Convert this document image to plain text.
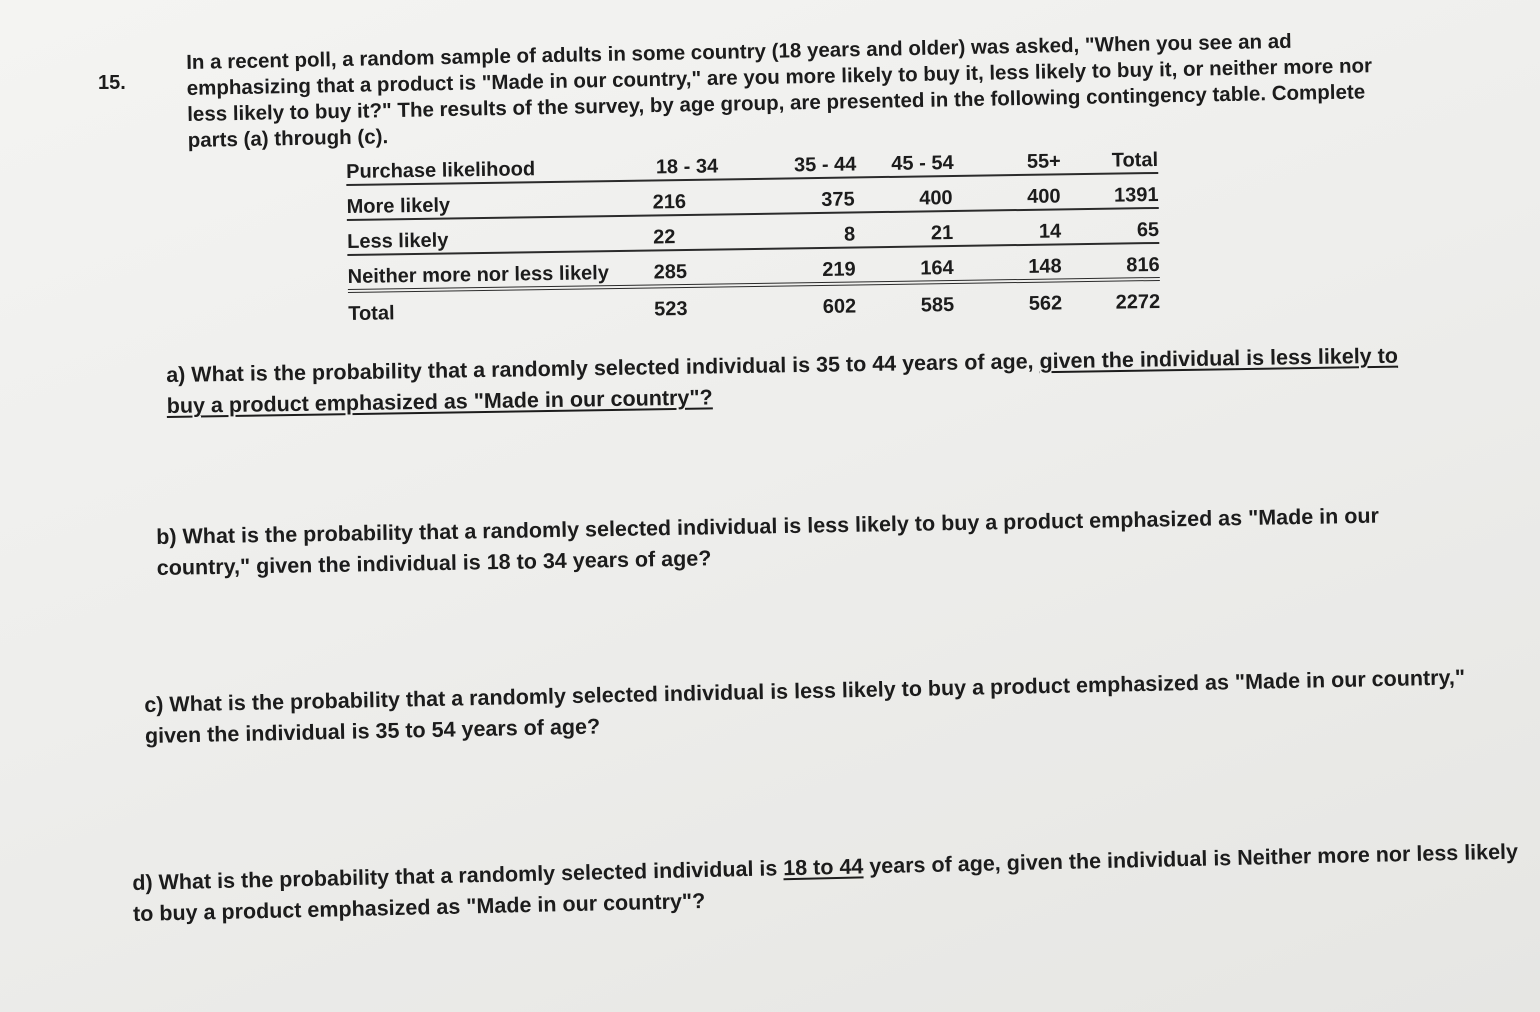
15.
In a recent poll, a random sample of adults in some country (18 years and older) was asked, "When you see an ad emphasizing that a product is "Made in our country," are you more likely to buy it, less likely to buy it, or neither more nor less likely to buy it?" The results of the survey, by age group, are presented in the following contingency table. Complete parts (a) through (c).
Purchase likelihood	18 - 34	35 - 44	45 - 54	55+	Total
More likely	216	375	400	400	1391
Less likely	22	8	21	14	65
Neither more nor less likely	285	219	164	148	816
Total	523	602	585	562	2272
a) What is the probability that a randomly selected individual is 35 to 44 years of age, given the individual is less likely to buy a product emphasized as "Made in our country"?
b) What is the probability that a randomly selected individual is less likely to buy a product emphasized as "Made in our country," given the individual is 18 to 34 years of age?
c) What is the probability that a randomly selected individual is less likely to buy a product emphasized as "Made in our country," given the individual is 35 to 54 years of age?
d) What is the probability that a randomly selected individual is 18 to 44 years of age, given the individual is Neither more nor less likely to buy a product emphasized as "Made in our country"?
